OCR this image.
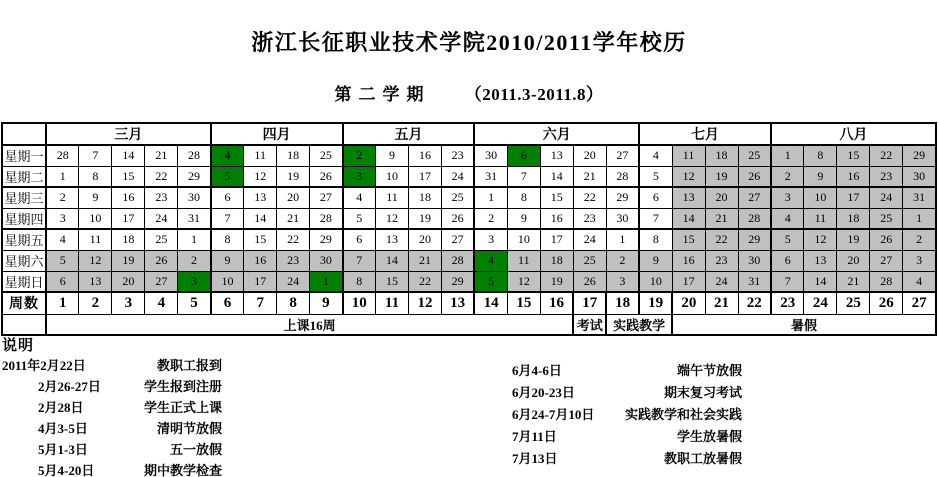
浙江长征职业技术学院2010/2011学年校历
第二学期 （2011.3-2011.8）
	三月					四月				五月				六月					七月				八月				
星期一	28	7	14	21	28	4	11	18	25	2	9	16	23	30	6	13	20	27	4	11	18	25	1	8	15	22	29
星期二	1	8	15	22	29	5	12	19	26	3	10	17	24	31	7	14	21	28	5	12	19	26	2	9	16	23	30
星期三	2	9	16	23	30	6	13	20	27	4	11	18	25	1	8	15	22	29	6	13	20	27	3	10	17	24	31
星期四	3	10	17	24	31	7	14	21	28	5	12	19	26	2	9	16	23	30	7	14	21	28	4	11	18	25	1
星期五	4	11	18	25	1	8	15	22	29	6	13	20	27	3	10	17	24	1	8	15	22	29	5	12	19	26	2
星期六	5	12	19	26	2	9	16	23	30	7	14	21	28	4	11	18	25	2	9	16	23	30	6	13	20	27	3
星期日	6	13	20	27	3	10	17	24	1	8	15	22	29	5	12	19	26	3	10	17	24	31	7	14	21	28	4
周数	1	2	3	4	5	6	7	8	9	10	11	12	13	14	15	16	17	18	19	20	21	22	23	24	25	26	27
	上课16周																考试	实践教学		暑假							
说明
2011年2月22日	教职工报到
2月26-27日	学生报到注册
2月28日	学生正式上课
4月3-5日	清明节放假
5月1-3日	五一放假
5月4-20日	期中教学检查
6月4-6日	端午节放假
6月20-23日	期末复习考试
6月24-7月10日 实践教学和社会实践
7月11日	学生放暑假
7月13日	教职工放暑假
